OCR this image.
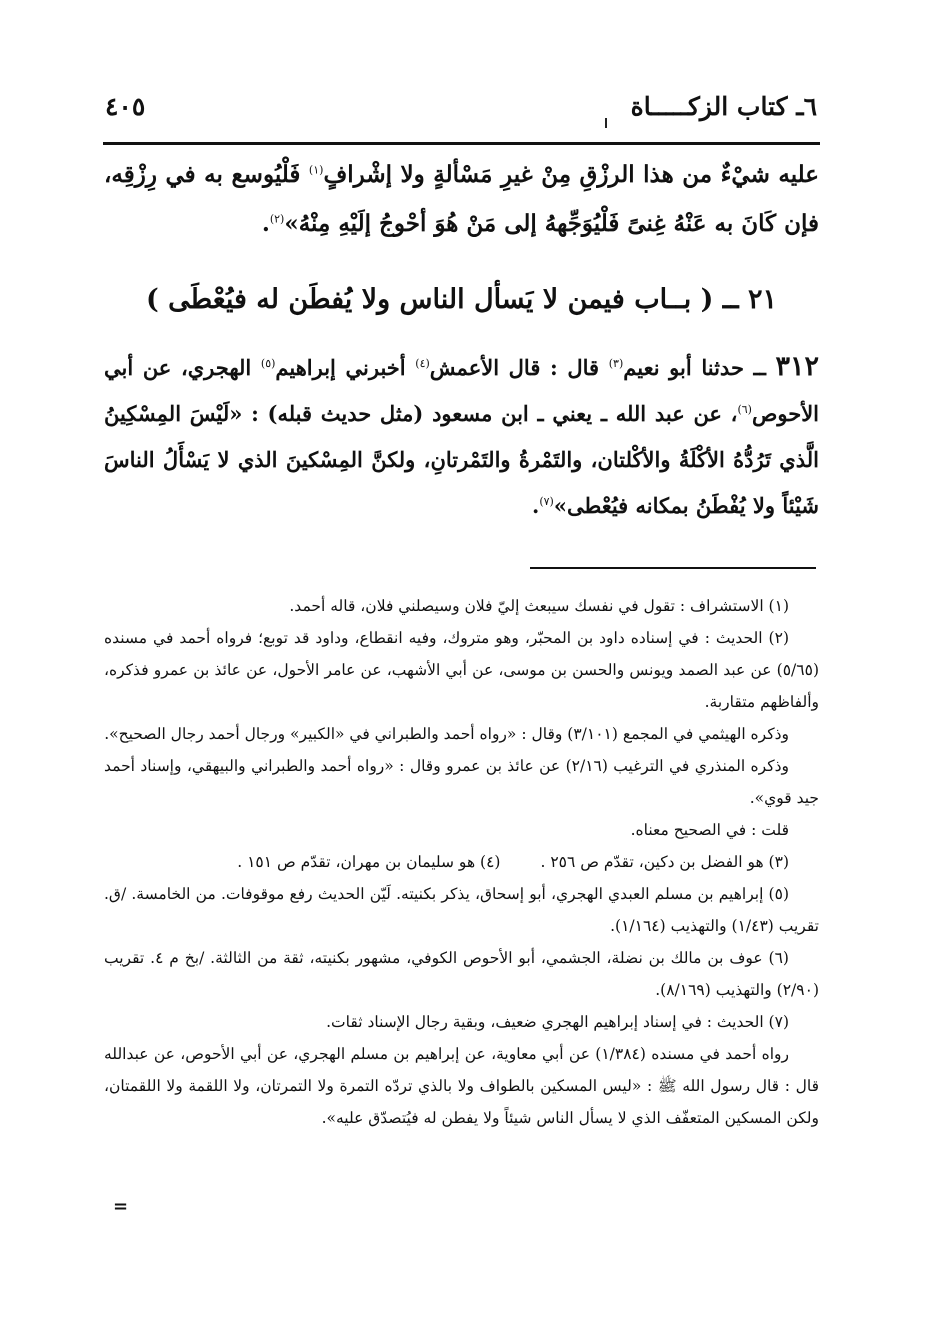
٦ـ كتاب الزكـــــاة
٤٠٥

عليه شيْءٌ من هذا الرزْقِ مِنْ غيرِ مَسْألةٍ ولا إشْرافٍ$^{(١)}$ فَلْيُوسع به في رِزْقِه، فإن كَانَ به عَنْهُ غِنىً فَلْيُوَجِّههُ إلى مَنْ هُوَ أحْوجُ إلَيْهِ مِنْهُ»$^{(٢)}$.

٢١ ــ ( بــاب فيمن لا يَسأل الناس ولا يُفطَن له فيُعْطَى )

٣١٢ ــ حدثنا أبو نعيم$^{(٣)}$ قال : قال الأعمش$^{(٤)}$ أخبرني إبراهيم$^{(٥)}$ الهجري، عن أبي الأحوص$^{(٦)}$، عن عبد الله ـ يعني ـ ابن مسعود (مثل حديث قبله) : «لَيْسَ المِسْكِينُ الَّذي تَرُدُّهُ الأكْلَةُ والأكْلتان، والتَمْرةُ والتَمْرتانِ، ولكنَّ المِسْكينَ الذي لا يَسْأَلُ الناسَ شَيْئاً ولا يُفْطَنُ بمكانه فيُعْطى»$^{(٧)}$.

(١) الاستشراف : تقول في نفسك سيبعث إليّ فلان وسيصلني فلان، قاله أحمد.

(٢) الحديث : في إسناده داود بن المحبّر، وهو متروك، وفيه انقطاع، وداود قد توبع؛ فرواه أحمد في مسنده (٥/٦٥) عن عبد الصمد ويونس والحسن بن موسى، عن أبي الأشهب، عن عامر الأحول، عن عائذ بن عمرو فذكره، وألفاظهم متقاربة.

وذكره الهيثمي في المجمع (٣/١٠١) وقال : «رواه أحمد والطبراني في «الكبير» ورجال أحمد رجال الصحيح».

وذكره المنذري في الترغيب (٢/١٦) عن عائذ بن عمرو وقال : «رواه أحمد والطبراني والبيهقي، وإسناد أحمد جيد قوي».

قلت : في الصحيح معناه.

(٣) هو الفضل بن دكين، تقدّم ص ٢٥٦ .
(٤) هو سليمان بن مهران، تقدّم ص ١٥١ .

(٥) إبراهيم بن مسلم العبدي الهجري، أبو إسحاق، يذكر بكنيته. لَيّن الحديث رفع موقوفات. من الخامسة. /ق. تقريب (١/٤٣) والتهذيب (١/١٦٤).

(٦) عوف بن مالك بن نضلة، الجشمي، أبو الأحوص الكوفي، مشهور بكنيته، ثقة من الثالثة. /بخ م ٤. تقريب (٢/٩٠) والتهذيب (٨/١٦٩).

(٧) الحديث : في إسناد إبراهيم الهجري ضعيف، وبقية رجال الإسناد ثقات.

رواه أحمد في مسنده (١/٣٨٤) عن أبي معاوية، عن إبراهيم بن مسلم الهجري، عن أبي الأحوص، عن عبدالله قال : قال رسول الله ﷺ : «ليس المسكين بالطواف ولا بالذي تردّه التمرة ولا التمرتان، ولا اللقمة ولا اللقمتان، ولكن المسكين المتعفّف الذي لا يسأل الناس شيئاً ولا يفطن له فيُتصدّق عليه».

=
